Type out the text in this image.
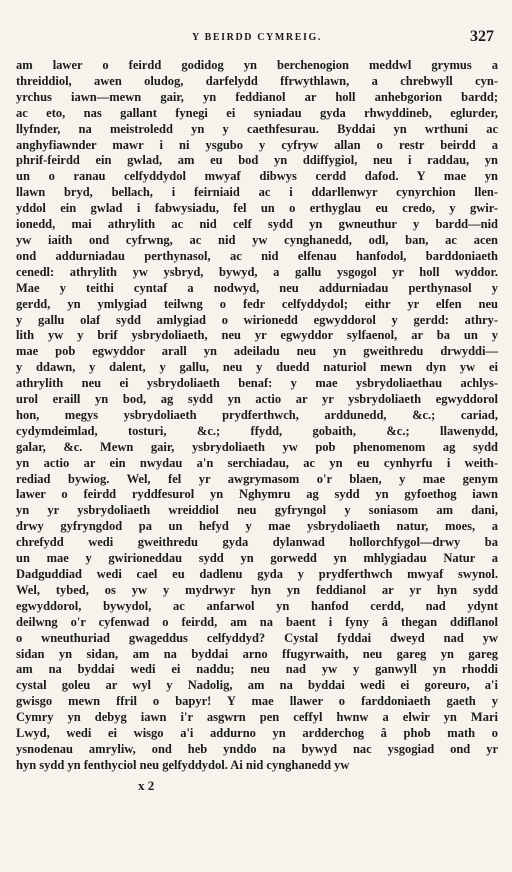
Y BEIRDD CYMREIG.	327
am lawer o feirdd godidog yn berchenogion meddwl grymus a
threiddiol, awen oludog, darfelydd ffrwythlawn, a chrebwyll cyn-
yrchus iawn—mewn gair, yn feddianol ar holl anhebgorion bardd;
ac eto, nas gallant fynegi ei syniadau gyda rhwyddineb, eglurder,
llyfnder, na meistroledd yn y caethfesurau. Byddai yn wrthuni ac
anghyfiawnder mawr i ni ysgubo y cyfryw allan o restr beirdd a
phrif-feirdd ein gwlad, am eu bod yn ddiffygiol, neu i raddau, yn
un o ranau celfyddydol mwyaf dibwys cerdd dafod. Y mae yn
llawn bryd, bellach, i feirniaid ac i ddarllenwyr cynyrchion llen-
yddol ein gwlad i fabwysiadu, fel un o erthyglau eu credo, y gwir-
ionedd, mai athrylith ac nid celf sydd yn gwneuthur y bardd—nid
yw iaith ond cyfrwng, ac nid yw cynghanedd, odl, ban, ac acen
ond addurniadau perthynasol, ac nid elfenau hanfodol, barddoniaeth
cenedl: athrylith yw ysbryd, bywyd, a gallu ysgogol yr holl wyddor.
Mae y teithi cyntaf a nodwyd, neu addurniadau perthynasol y
gerdd, yn ymlygiad teilwng o fedr celfyddydol; eithr yr elfen neu
y gallu olaf sydd amlygiad o wirionedd egwyddorol y gerdd: athry-
lith yw y brif ysbrydoliaeth, neu yr egwyddor sylfaenol, ar ba un y
mae pob egwyddor arall yn adeiladu neu yn gweithredu drwyddi—
y ddawn, y dalent, y gallu, neu y duedd naturiol mewn dyn yw ei
athrylith neu ei ysbrydoliaeth benaf: y mae ysbrydoliaethau achlys-
urol eraill yn bod, ag sydd yn actio ar yr ysbrydoliaeth egwyddorol
hon, megys ysbrydoliaeth prydferthwch, arddunedd, &c.; cariad,
cydymdeimlad, tosturi, &c.; ffydd, gobaith, &c.; llawenydd,
galar, &c. Mewn gair, ysbrydoliaeth yw pob phenomenom ag sydd
yn actio ar ein nwydau a'n serchiadau, ac yn eu cynhyrfu i weith-
rediad bywiog. Wel, fel yr awgrymasom o'r blaen, y mae genym
lawer o feirdd ryddfesurol yn Nghymru ag sydd yn gyfoethog iawn
yn yr ysbrydoliaeth wreiddiol neu gyfryngol y soniasom am dani,
drwy gyfryngdod pa un hefyd y mae ysbrydoliaeth natur, moes, a
chrefydd wedi gweithredu gyda dylanwad hollorchfygol—drwy ba
un mae y gwirioneddau sydd yn gorwedd yn mhlygiadau Natur a
Dadguddiad wedi cael eu dadlenu gyda y prydferthwch mwyaf swynol.
Wel, tybed, os yw y mydrwyr hyn yn feddianol ar yr hyn sydd
egwyddorol, bywydol, ac anfarwol yn hanfod cerdd, nad ydynt
deilwng o'r cyfenwad o feirdd, am na baent i fyny â thegan ddiflanol
o wneuthuriad gwageddus celfyddyd? Cystal fyddai dweyd nad yw
sidan yn sidan, am na byddai arno ffugyrwaith, neu gareg yn gareg
am na byddai wedi ei naddu; neu nad yw y ganwyll yn rhoddi
cystal goleu ar wyl y Nadolig, am na byddai wedi ei goreuro, a'i
gwisgo mewn ffril o bapyr! Y mae llawer o farddoniaeth gaeth y
Cymry yn debyg iawn i'r asgwrn pen ceffyl hwnw a elwir yn Mari
Lwyd, wedi ei wisgo a'i addurno yn ardderchog â phob math o
ysnodenau amryliw, ond heb ynddo na bywyd nac ysgogiad ond yr
hyn sydd yn fenthyciol neu gelfyddydol. Ai nid cynghanedd yw
x 2
